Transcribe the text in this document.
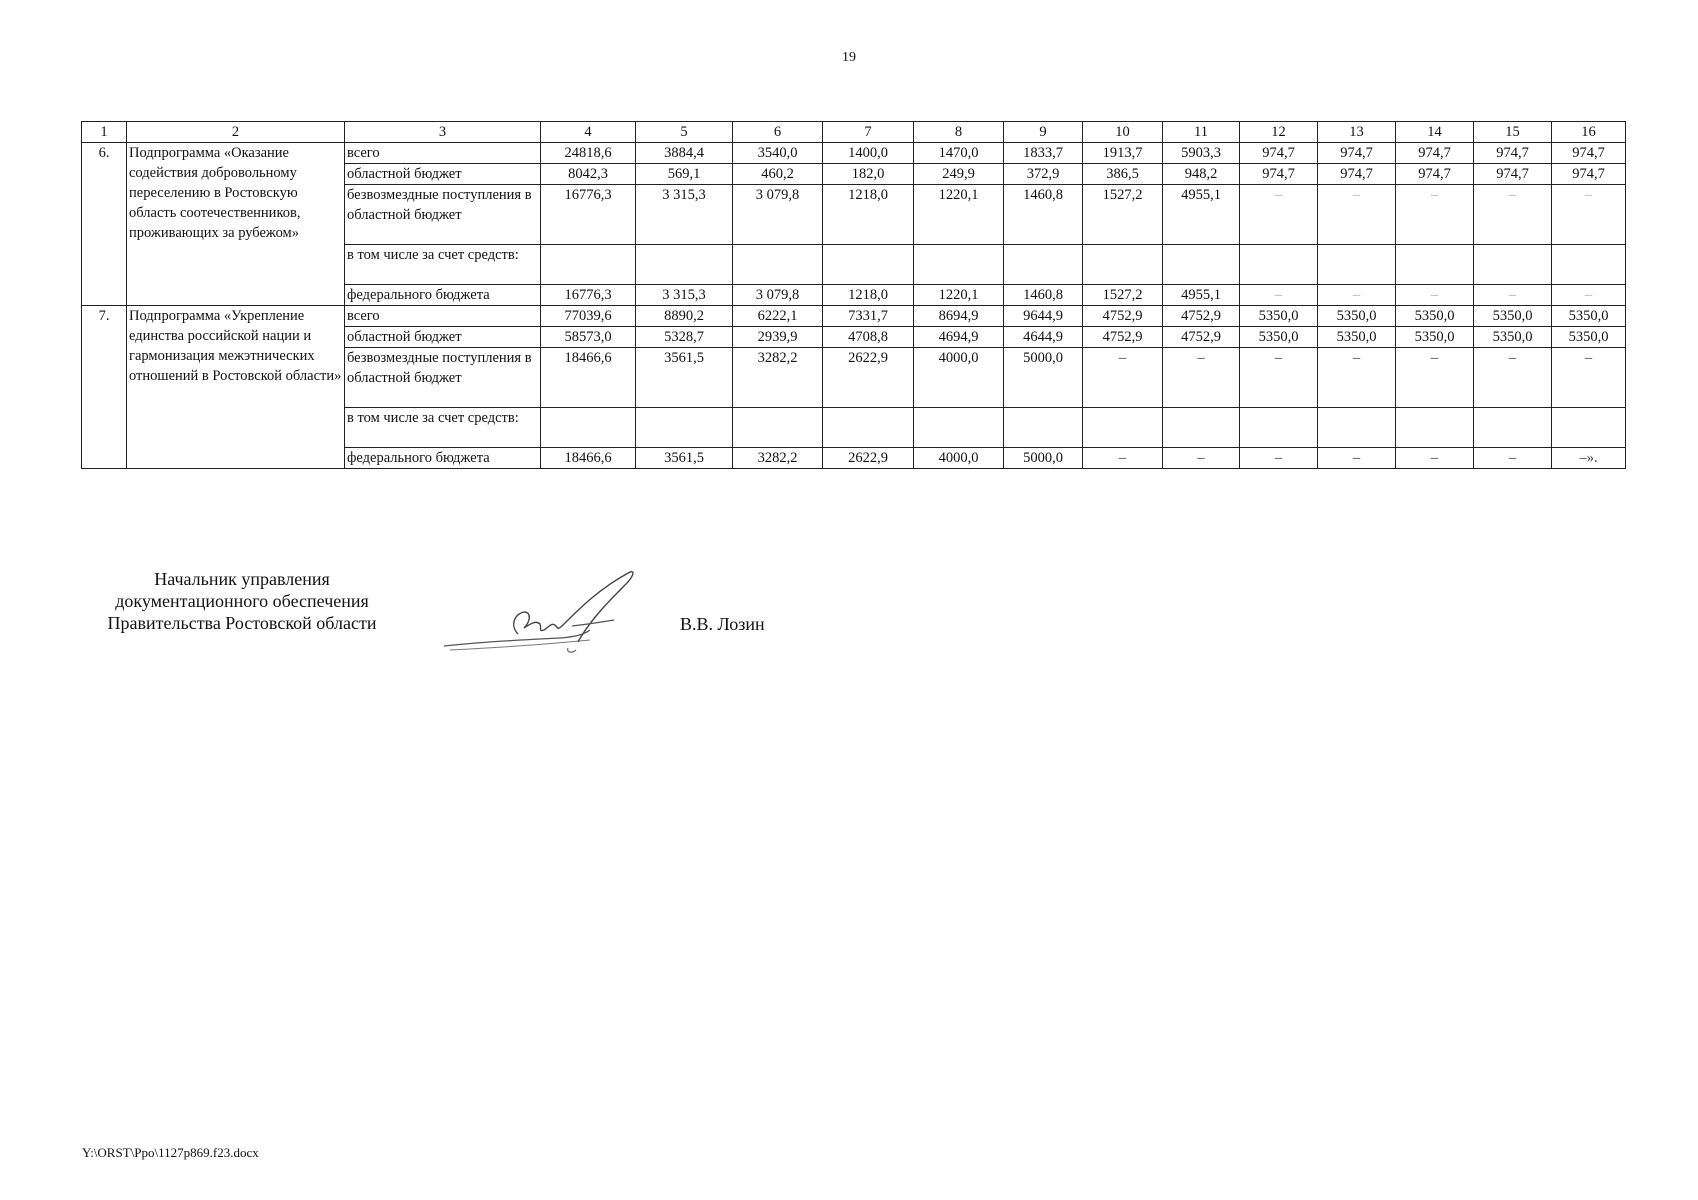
19
1	2	3	4	5	6	7	8	9	10	11	12	13	14	15	16
6.	Подпрограмма «Оказание содействия добровольному переселению в Ростовскую область соотечественников, проживающих за рубежом»	всего	24818,6	3884,4	3540,0	1400,0	1470,0	1833,7	1913,7	5903,3	974,7	974,7	974,7	974,7	974,7
		областной бюджет	8042,3	569,1	460,2	182,0	249,9	372,9	386,5	948,2	974,7	974,7	974,7	974,7	974,7
		безвозмездные поступления в областной бюджет	16776,3	3 315,3	3 079,8	1218,0	1220,1	1460,8	1527,2	4955,1	–	–	–	–	–
		в том числе за счет средств:													
		федерального бюджета	16776,3	3 315,3	3 079,8	1218,0	1220,1	1460,8	1527,2	4955,1	–	–	–	–	–
7.	Подпрограмма «Укрепление единства российской нации и гармонизация межэтнических отношений в Ростовской области»	всего	77039,6	8890,2	6222,1	7331,7	8694,9	9644,9	4752,9	4752,9	5350,0	5350,0	5350,0	5350,0	5350,0
		областной бюджет	58573,0	5328,7	2939,9	4708,8	4694,9	4644,9	4752,9	4752,9	5350,0	5350,0	5350,0	5350,0	5350,0
		безвозмездные поступления в областной бюджет	18466,6	3561,5	3282,2	2622,9	4000,0	5000,0	–	–	–	–	–	–	–
		в том числе за счет средств:													
		федерального бюджета	18466,6	3561,5	3282,2	2622,9	4000,0	5000,0	–	–	–	–	–	–	–».
Начальник управления
документационного обеспечения
Правительства Ростовской области	В.В. Лозин
Y:\ORST\Ppo\1127p869.f23.docx
